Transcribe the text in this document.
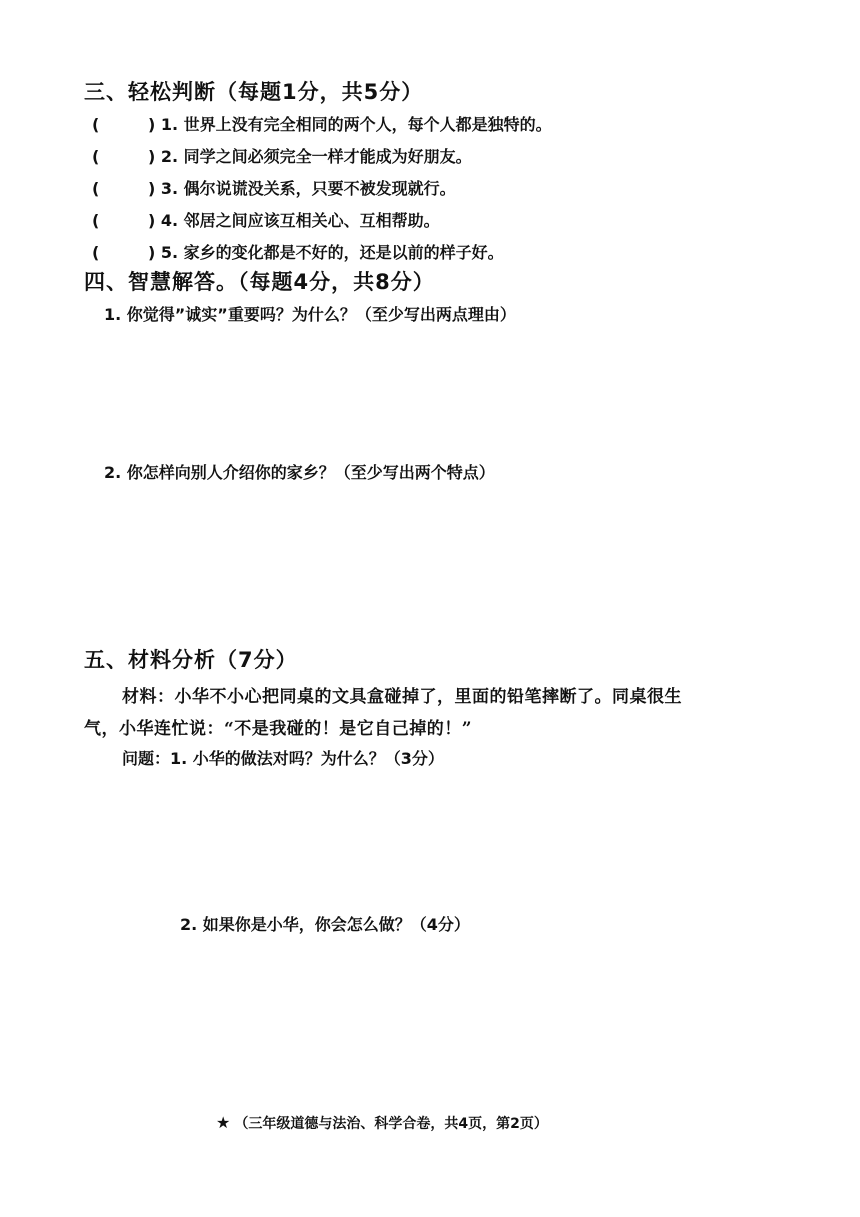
三、轻松判断（每题1分，共5分）
(	) 1. 世界上没有完全相同的两个人，每个人都是独特的。
(	) 2. 同学之间必须完全一样才能成为好朋友。
(	) 3. 偶尔说谎没关系，只要不被发现就行。
(	) 4. 邻居之间应该互相关心、互相帮助。
(	) 5. 家乡的变化都是不好的，还是以前的样子好。
四、智慧解答。（每题4分，共8分）
1. 你觉得”诚实”重要吗？为什么？（至少写出两点理由）
2. 你怎样向别人介绍你的家乡？（至少写出两个特点）
五、材料分析（7分）
材料：小华不小心把同桌的文具盒碰掉了，里面的铅笔摔断了。同桌很生
气，小华连忙说：“不是我碰的！是它自己掉的！”
问题：1. 小华的做法对吗？为什么？（3分）
2. 如果你是小华，你会怎么做？（4分）
★ （三年级道德与法治、科学合卷，共4页，第2页）
